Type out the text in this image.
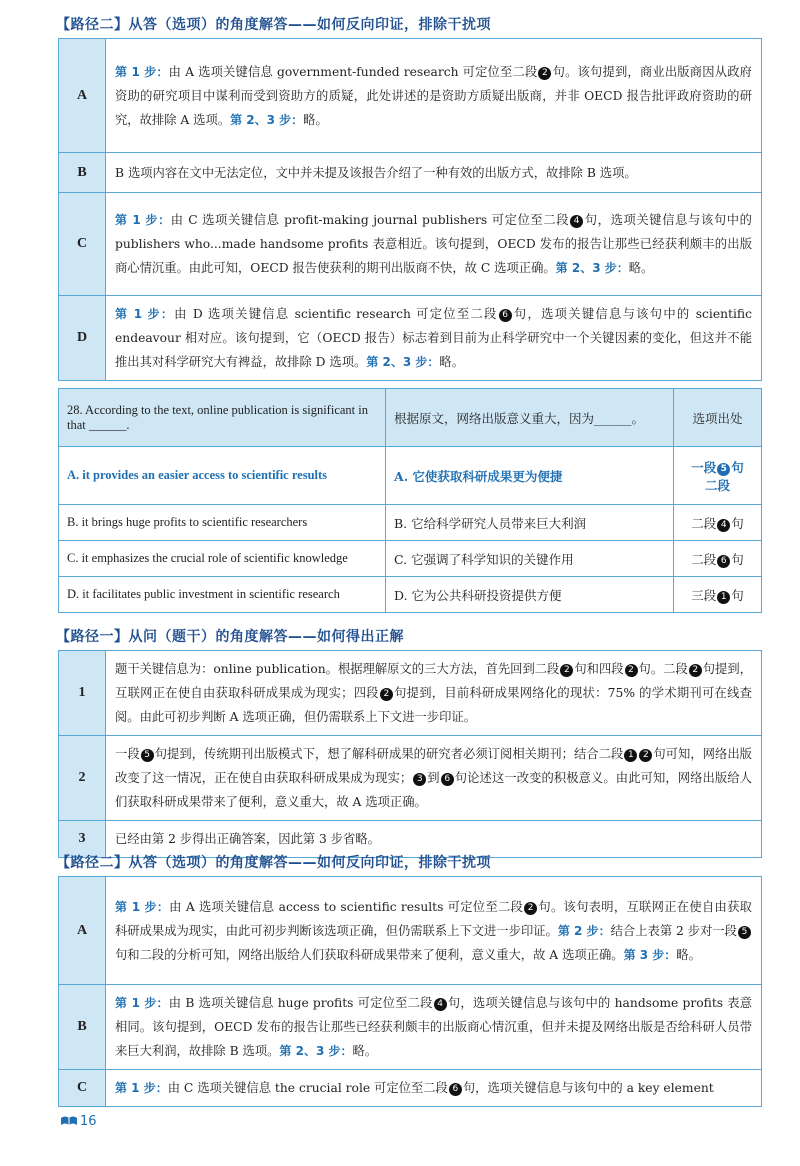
【路径二】从答（选项）的角度解答——如何反向印证，排除干扰项
A	第 1 步：由 A 选项关键信息 government-funded research 可定位至二段 2 句。该句提到，商业出版商因从政府资助的研究项目中谋利而受到资助方的质疑，此处讲述的是资助方质疑出版商，并非 OECD 报告批评政府资助的研究，故排除 A 选项。第 2、3 步：略。
B	B 选项内容在文中无法定位，文中并未提及该报告介绍了一种有效的出版方式，故排除 B 选项。
C	第 1 步：由 C 选项关键信息 profit-making journal publishers 可定位至二段 4 句，选项关键信息与该句中的 publishers who...made handsome profits 表意相近。该句提到，OECD 发布的报告让那些已经获利颇丰的出版商心情沉重。由此可知，OECD 报告使获利的期刊出版商不快，故 C 选项正确。第 2、3 步：略。
D	第 1 步：由 D 选项关键信息 scientific research 可定位至二段 6 句，选项关键信息与该句中的 scientific endeavour 相对应。该句提到，它（OECD 报告）标志着到目前为止科学研究中一个关键因素的变化，但这并不能推出其对科学研究大有裨益，故排除 D 选项。第 2、3 步：略。
28. According to the text, online publication is significant in that ______.	根据原文，网络出版意义重大，因为______。	选项出处
A. it provides an easier access to scientific results	A. 它使获取科研成果更为便捷	一段 5 句
二段
B. it brings huge profits to scientific researchers	B. 它给科学研究人员带来巨大利润	二段 4 句
C. it emphasizes the crucial role of scientific knowledge	C. 它强调了科学知识的关键作用	二段 6 句
D. it facilitates public investment in scientific research	D. 它为公共科研投资提供方便	三段 1 句
【路径一】从问（题干）的角度解答——如何得出正解
1	题干关键信息为：online publication。根据理解原文的三大方法，首先回到二段 2 句和四段 2 句。二段 2 句提到，互联网正在使自由获取科研成果成为现实；四段 2 句提到，目前科研成果网络化的现状：75% 的学术期刊可在线查阅。由此可初步判断 A 选项正确，但仍需联系上下文进一步印证。
2	一段 5 句提到，传统期刊出版模式下，想了解科研成果的研究者必须订阅相关期刊；结合二段 1 2 句可知，网络出版改变了这一情况，正在使自由获取科研成果成为现实； 3 到 6 句论述这一改变的积极意义。由此可知，网络出版给人们获取科研成果带来了便利，意义重大，故 A 选项正确。
3	已经由第 2 步得出正确答案，因此第 3 步省略。
【路径二】从答（选项）的角度解答——如何反向印证，排除干扰项
A	第 1 步：由 A 选项关键信息 access to scientific results 可定位至二段 2 句。该句表明，互联网正在使自由获取科研成果成为现实，由此可初步判断该选项正确，但仍需联系上下文进一步印证。第 2 步：结合上表第 2 步对一段 5句和二段的分析可知，网络出版给人们获取科研成果带来了便利，意义重大，故 A 选项正确。第 3 步：略。
B	第 1 步：由 B 选项关键信息 huge profits 可定位至二段 4 句，选项关键信息与该句中的 handsome profits 表意相同。该句提到，OECD 发布的报告让那些已经获利颇丰的出版商心情沉重，但并未提及网络出版是否给科研人员带来巨大利润，故排除 B 选项。第 2、3 步：略。
C	第 1 步：由 C 选项关键信息 the crucial role 可定位至二段 6 句，选项关键信息与该句中的 a key element
16
